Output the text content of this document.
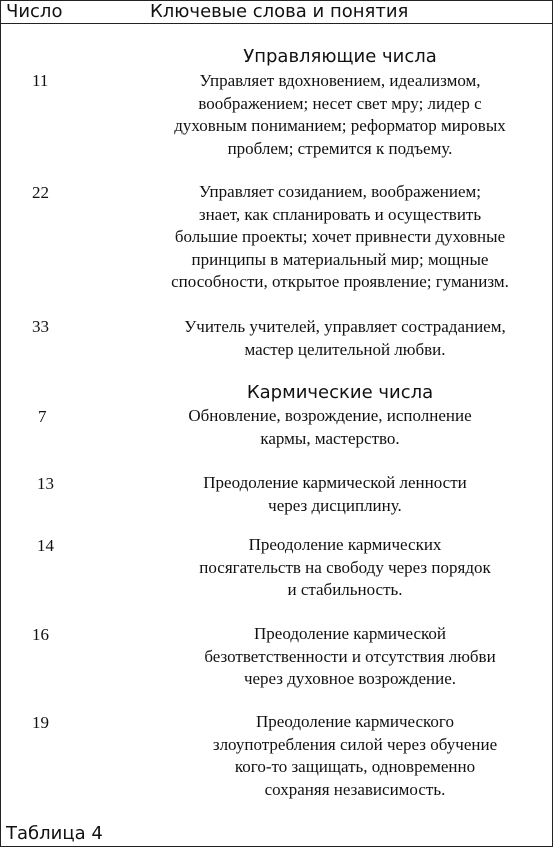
Число	Ключевые слова и понятия
Управляющие числа
11	Управляет вдохновением, идеализмом,
воображением; несет свет мру; лидер с
духовным пониманием; реформатор мировых
проблем; стремится к подъему.
22	Управляет созиданием, воображением;
знает, как спланировать и осуществить
большие проекты; хочет привнести духовные
принципы в материальный мир; мощные
способности, открытое проявление; гуманизм.
33	Учитель учителей, управляет состраданием,
мастер целительной любви.
Кармические числа
7	Обновление, возрождение, исполнение
кармы, мастерство.
13	Преодоление кармической ленности
через дисциплину.
14	Преодоление кармических
посягательств на свободу через порядок
и стабильность.
16	Преодоление кармической
безответственности и отсутствия любви
через духовное возрождение.
19	Преодоление кармического
злоупотребления силой через обучение
кого-то защищать, одновременно
сохраняя независимость.
Таблица 4
